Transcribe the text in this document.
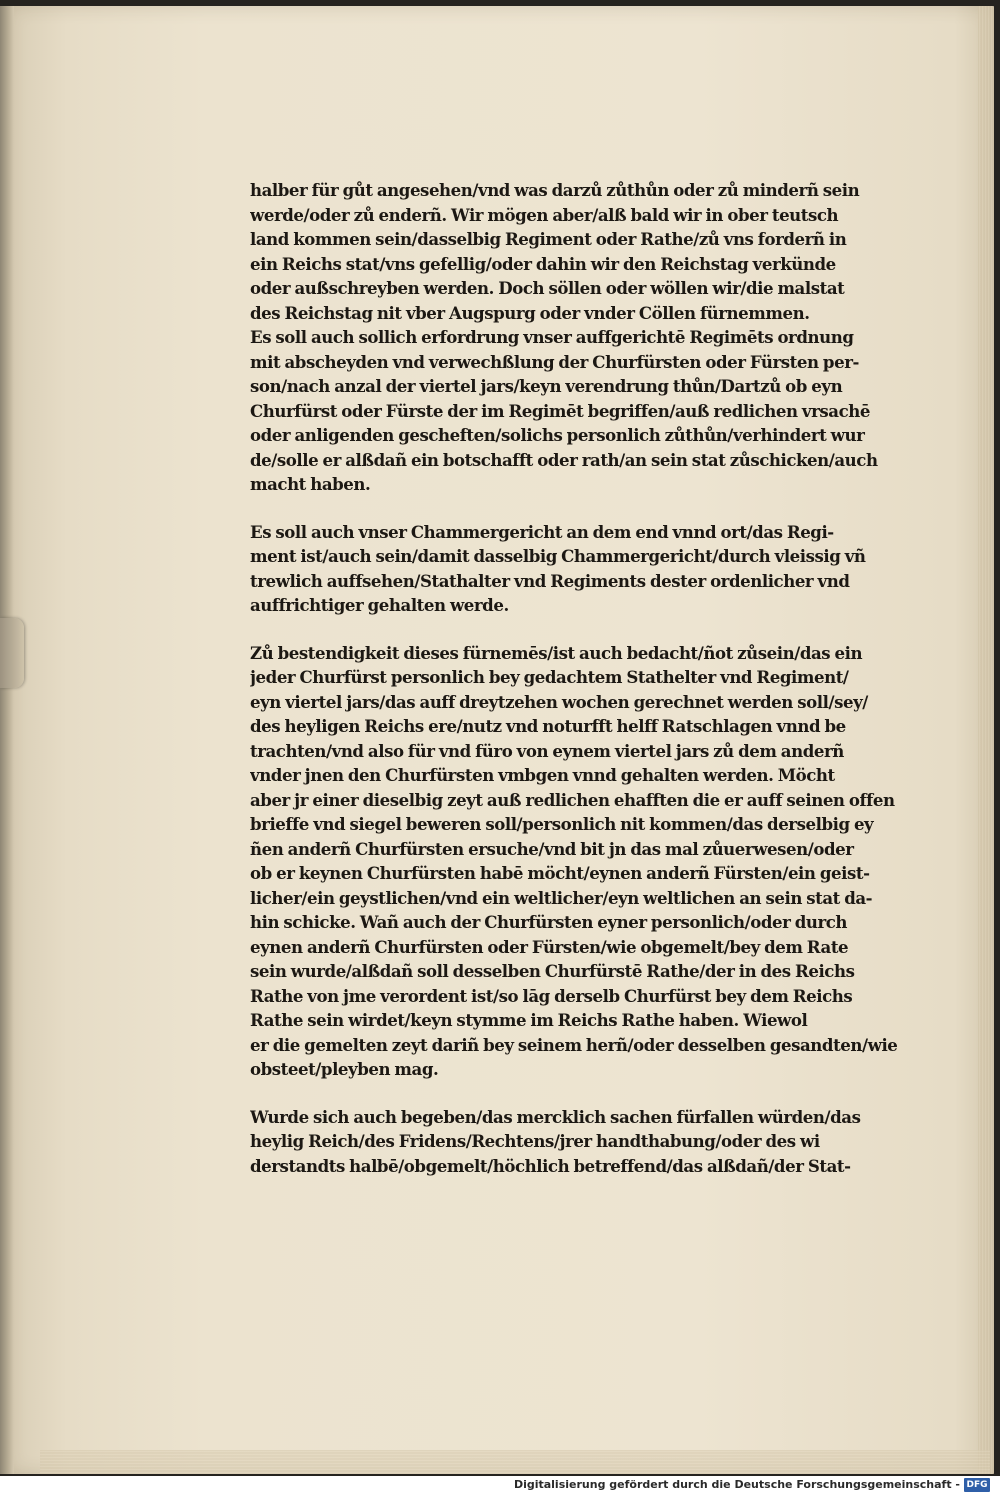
halber für gůt angesehen/vnd was darzů zůthůn oder zů minderñ sein
werde/oder zů enderñ. Wir mögen aber/alß bald wir in ober teutsch
land kommen sein/dasselbig Regiment oder Rathe/zů vns forderñ in
ein Reichs stat/vns gefellig/oder dahin wir den Reichstag verkünde
oder außschreyben werden. Doch söllen oder wöllen wir/die malstat
des Reichstag nit vber Augspurg oder vnder Cöllen fürnemmen.
Es soll auch sollich erfordrung vnser auffgerichtē Regimēts ordnung
mit abscheyden vnd verwechßlung der Churfürsten oder Fürsten per-
son/nach anzal der viertel jars/keyn verendrung thůn/Dartzů ob eyn
Churfürst oder Fürste der im Regimēt begriffen/auß redlichen vrsachē
oder anligenden gescheften/solichs personlich zůthůn/verhindert wur
de/solle er alßdañ ein botschafft oder rath/an sein stat zůschicken/auch
macht haben.
Es soll auch vnser Chammergericht an dem end vnnd ort/das Regi-
ment ist/auch sein/damit dasselbig Chammergericht/durch vleissig vñ
trewlich auffsehen/Stathalter vnd Regiments dester ordenlicher vnd
auffrichtiger gehalten werde.
Zů bestendigkeit dieses fürnemēs/ist auch bedacht/ñot zůsein/das ein
jeder Churfürst personlich bey gedachtem Stathelter vnd Regiment/
eyn viertel jars/das auff dreytzehen wochen gerechnet werden soll/sey/
des heyligen Reichs ere/nutz vnd noturfft helff Ratschlagen vnnd be
trachten/vnd also für vnd füro von eynem viertel jars zů dem anderñ
vnder jnen den Churfürsten vmbgen vnnd gehalten werden. Möcht
aber jr einer dieselbig zeyt auß redlichen ehafften die er auff seinen offen
brieffe vnd siegel beweren soll/personlich nit kommen/das derselbig ey
ñen anderñ Churfürsten ersuche/vnd bit jn das mal zůuerwesen/oder
ob er keynen Churfürsten habē möcht/eynen anderñ Fürsten/ein geist-
licher/ein geystlichen/vnd ein weltlicher/eyn weltlichen an sein stat da-
hin schicke. Wañ auch der Churfürsten eyner personlich/oder durch
eynen anderñ Churfürsten oder Fürsten/wie obgemelt/bey dem Rate
sein wurde/alßdañ soll desselben Churfürstē Rathe/der in des Reichs
Rathe von jme verordent ist/so lāg derselb Churfürst bey dem Reichs
Rathe sein wirdet/keyn stymme im Reichs Rathe haben. Wiewol
er die gemelten zeyt dariñ bey seinem herñ/oder desselben gesandten/wie
obsteet/pleyben mag.
Wurde sich auch begeben/das mercklich sachen fürfallen würden/das
heylig Reich/des Fridens/Rechtens/jrer handthabung/oder des wi
derstandts halbē/obgemelt/höchlich betreffend/das alßdañ/der Stat-
Digitalisierung gefördert durch die Deutsche Forschungsgemeinschaft - DFG
